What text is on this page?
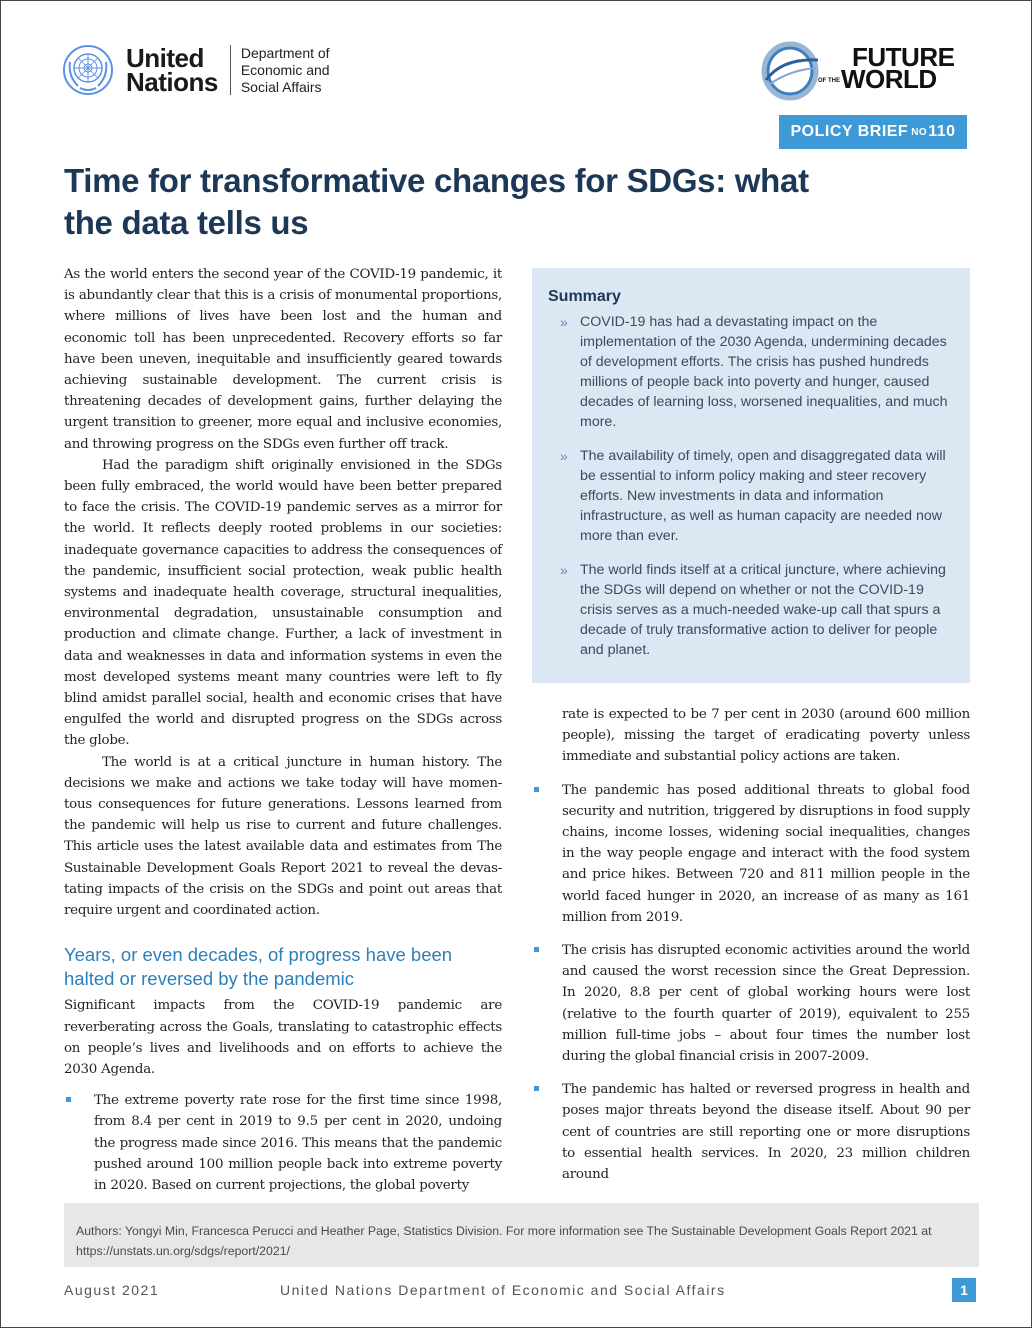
United
Nations
Department of
Economic and
Social Affairs
FUTURE
OF THEWORLD
POLICY BRIEF NO 110
Time for transformative changes for SDGs: what the data tells us

As the world enters the second year of the COVID-19 pandemic, it is abundantly clear that this is a crisis of monumental proportions, where millions of lives have been lost and the human and economic toll has been unprecedented. Recovery efforts so far have been uneven, inequitable and insufficiently geared towards achieving sustainable development. The current crisis is threatening decades of development gains, further delaying the urgent transition to greener, more equal and inclusive economies, and throwing progress on the SDGs even further off track.

Had the paradigm shift originally envisioned in the SDGs been fully embraced, the world would have been better prepared to face the crisis. The COVID-19 pandemic serves as a mirror for the world. It reflects deeply rooted problems in our societies: inadequate governance capacities to address the consequences of the pandemic, insufficient social protection, weak public health systems and inadequate health coverage, structural inequalities, environmental degradation, unsustainable consumption and production and climate change. Further, a lack of investment in data and weaknesses in data and information systems in even the most developed systems meant many countries were left to fly blind amidst parallel social, health and economic crises that have engulfed the world and disrupted progress on the SDGs across the globe.

The world is at a critical juncture in human history. The decisions we make and actions we take today will have momen-tous consequences for future generations. Lessons learned from the pandemic will help us rise to current and future challenges. This article uses the latest available data and estimates from The Sustainable Development Goals Report 2021 to reveal the devas-tating impacts of the crisis on the SDGs and point out areas that require urgent and coordinated action.

Years, or even decades, of progress have been halted or reversed by the pandemic

Significant impacts from the COVID-19 pandemic are reverberating across the Goals, translating to catastrophic effects on people’s lives and livelihoods and on efforts to achieve the 2030 Agenda.

The extreme poverty rate rose for the first time since 1998, from 8.4 per cent in 2019 to 9.5 per cent in 2020, undoing the progress made since 2016. This means that the pandemic pushed around 100 million people back into extreme poverty in 2020. Based on current projections, the global poverty

Summary
» COVID-19 has had a devastating impact on the implementation of the 2030 Agenda, undermining decades of development efforts. The crisis has pushed hundreds millions of people back into poverty and hunger, caused decades of learning loss, worsened inequalities, and much more.
» The availability of timely, open and disaggregated data will be essential to inform policy making and steer recovery efforts. New investments in data and information infrastructure, as well as human capacity are needed now more than ever.
» The world finds itself at a critical juncture, where achieving the SDGs will depend on whether or not the COVID-19 crisis serves as a much-needed wake-up call that spurs a decade of truly transformative action to deliver for people and planet.

rate is expected to be 7 per cent in 2030 (around 600 million people), missing the target of eradicating poverty unless immediate and substantial policy actions are taken.

The pandemic has posed additional threats to global food security and nutrition, triggered by disruptions in food supply chains, income losses, widening social inequalities, changes in the way people engage and interact with the food system and price hikes. Between 720 and 811 million people in the world faced hunger in 2020, an increase of as many as 161 million from 2019.

The crisis has disrupted economic activities around the world and caused the worst recession since the Great Depression. In 2020, 8.8 per cent of global working hours were lost (relative to the fourth quarter of 2019), equivalent to 255 million full-time jobs – about four times the number lost during the global financial crisis in 2007-2009.

The pandemic has halted or reversed progress in health and poses major threats beyond the disease itself. About 90 per cent of countries are still reporting one or more disruptions to essential health services. In 2020, 23 million children around

Authors: Yongyi Min, Francesca Perucci and Heather Page, Statistics Division. For more information see The Sustainable Development Goals Report 2021 at https://unstats.un.org/sdgs/report/2021/
August 2021	United Nations Department of Economic and Social Affairs	1
